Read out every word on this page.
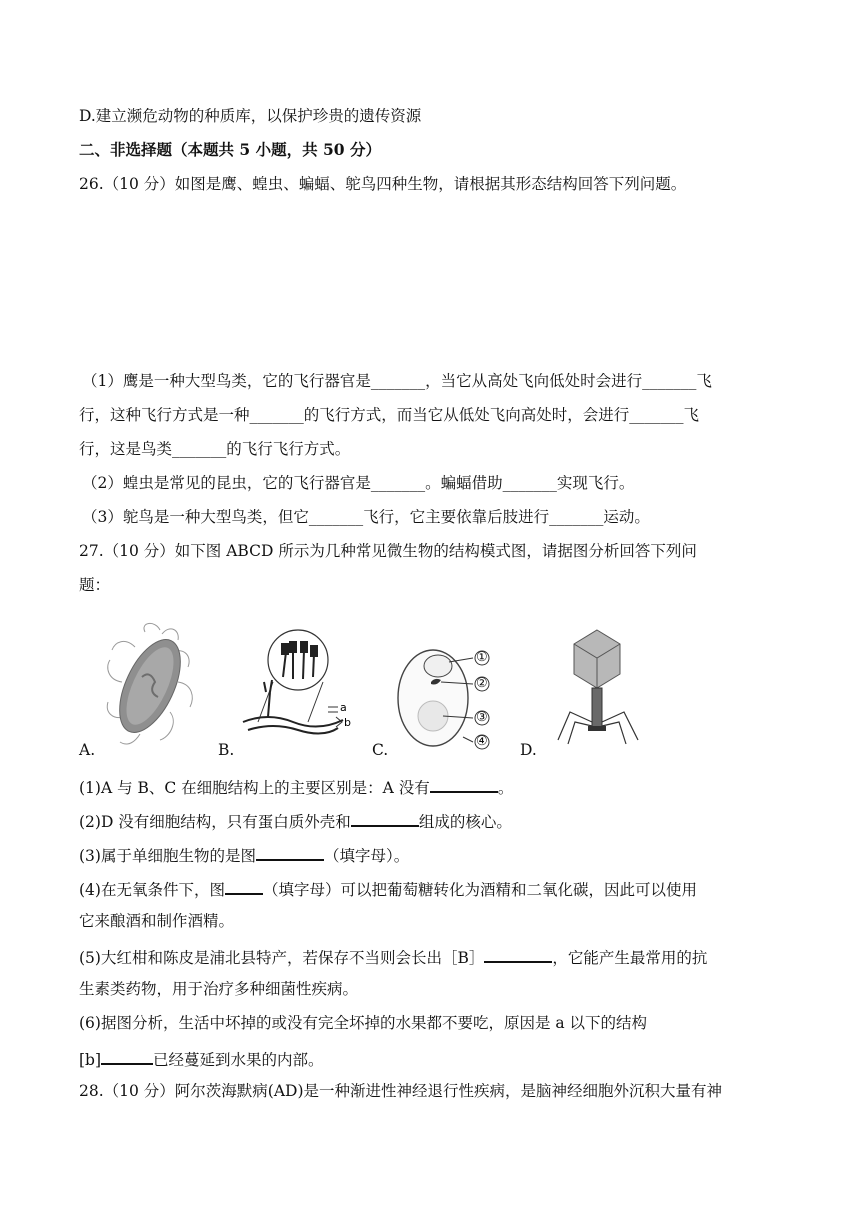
D.建立濒危动物的种质库，以保护珍贵的遗传资源
二、非选择题（本题共 5 小题，共 50 分）
26.（10 分）如图是鹰、蝗虫、蝙蝠、鸵鸟四种生物，请根据其形态结构回答下列问题。
（1）鹰是一种大型鸟类，它的飞行器官是_______，当它从高处飞向低处时会进行_______飞
行，这种飞行方式是一种_______的飞行方式，而当它从低处飞向高处时，会进行_______飞
行，这是鸟类_______的飞行飞行方式。
（2）蝗虫是常见的昆虫，它的飞行器官是_______。蝙蝠借助_______实现飞行。
（3）鸵鸟是一种大型鸟类，但它_______飞行，它主要依靠后肢进行_______运动。
27.（10 分）如下图 ABCD 所示为几种常见微生物的结构模式图，请据图分析回答下列问
题：
A.
a
b
B.
①
②
③
④
C.	D.
(1)A 与 B、C 在细胞结构上的主要区别是：A 没有	。
(2)D 没有细胞结构，只有蛋白质外壳和	组成的核心。
(3)属于单细胞生物的是图	（填字母）。
(4)在无氧条件下，图 （填字母）可以把葡萄糖转化为酒精和二氧化碳，因此可以使用
它来酿酒和制作酒精。
(5)大红柑和陈皮是浦北县特产，若保存不当则会长出［B］	，它能产生最常用的抗
生素类药物，用于治疗多种细菌性疾病。
(6)据图分析，生活中坏掉的或没有完全坏掉的水果都不要吃，原因是 a 以下的结构
[b]	已经蔓延到水果的内部。
28.（10 分）阿尔茨海默病(AD)是一种渐进性神经退行性疾病，是脑神经细胞外沉积大量有神
